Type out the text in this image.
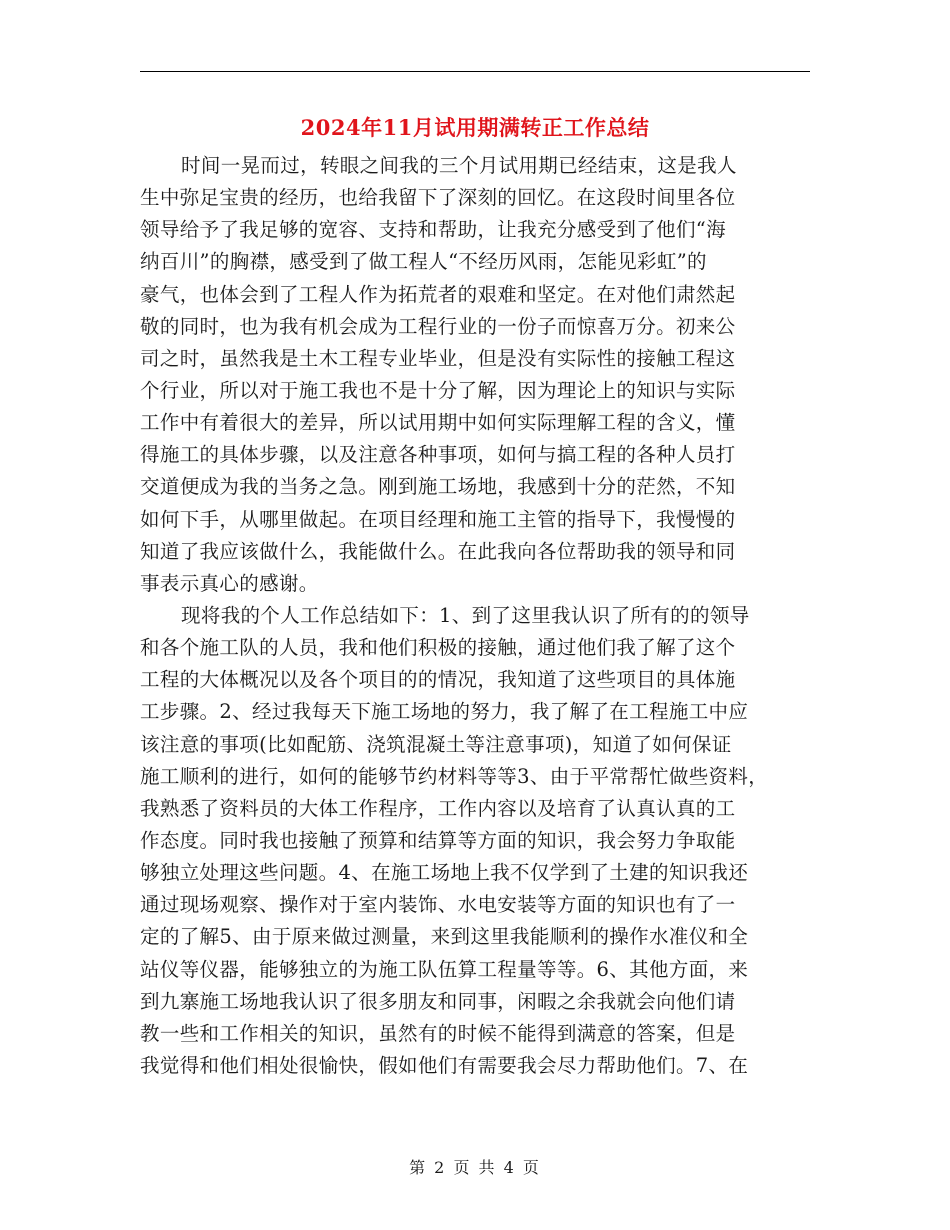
2024年11月试用期满转正工作总结
时间一晃而过，转眼之间我的三个月试用期已经结束，这是我人
生中弥足宝贵的经历，也给我留下了深刻的回忆。在这段时间里各位
领导给予了我足够的宽容、支持和帮助，让我充分感受到了他们“海
纳百川”的胸襟，感受到了做工程人“不经历风雨，怎能见彩虹”的
豪气，也体会到了工程人作为拓荒者的艰难和坚定。在对他们肃然起
敬的同时，也为我有机会成为工程行业的一份子而惊喜万分。初来公
司之时，虽然我是土木工程专业毕业，但是没有实际性的接触工程这
个行业，所以对于施工我也不是十分了解，因为理论上的知识与实际
工作中有着很大的差异，所以试用期中如何实际理解工程的含义，懂
得施工的具体步骤，以及注意各种事项，如何与搞工程的各种人员打
交道便成为我的当务之急。刚到施工场地，我感到十分的茫然，不知
如何下手，从哪里做起。在项目经理和施工主管的指导下，我慢慢的
知道了我应该做什么，我能做什么。在此我向各位帮助我的领导和同
事表示真心的感谢。
现将我的个人工作总结如下：1、到了这里我认识了所有的的领导
和各个施工队的人员，我和他们积极的接触，通过他们我了解了这个
工程的大体概况以及各个项目的的情况，我知道了这些项目的具体施
工步骤。2、经过我每天下施工场地的努力，我了解了在工程施工中应
该注意的事项(比如配筋、浇筑混凝土等注意事项)，知道了如何保证
施工顺利的进行，如何的能够节约材料等等3、由于平常帮忙做些资料，
我熟悉了资料员的大体工作程序，工作内容以及培育了认真认真的工
作态度。同时我也接触了预算和结算等方面的知识，我会努力争取能
够独立处理这些问题。4、在施工场地上我不仅学到了土建的知识我还
通过现场观察、操作对于室内装饰、水电安装等方面的知识也有了一
定的了解5、由于原来做过测量，来到这里我能顺利的操作水准仪和全
站仪等仪器，能够独立的为施工队伍算工程量等等。6、其他方面，来
到九寨施工场地我认识了很多朋友和同事，闲暇之余我就会向他们请
教一些和工作相关的知识，虽然有的时候不能得到满意的答案，但是
我觉得和他们相处很愉快，假如他们有需要我会尽力帮助他们。7、在
第 2 页 共 4 页
